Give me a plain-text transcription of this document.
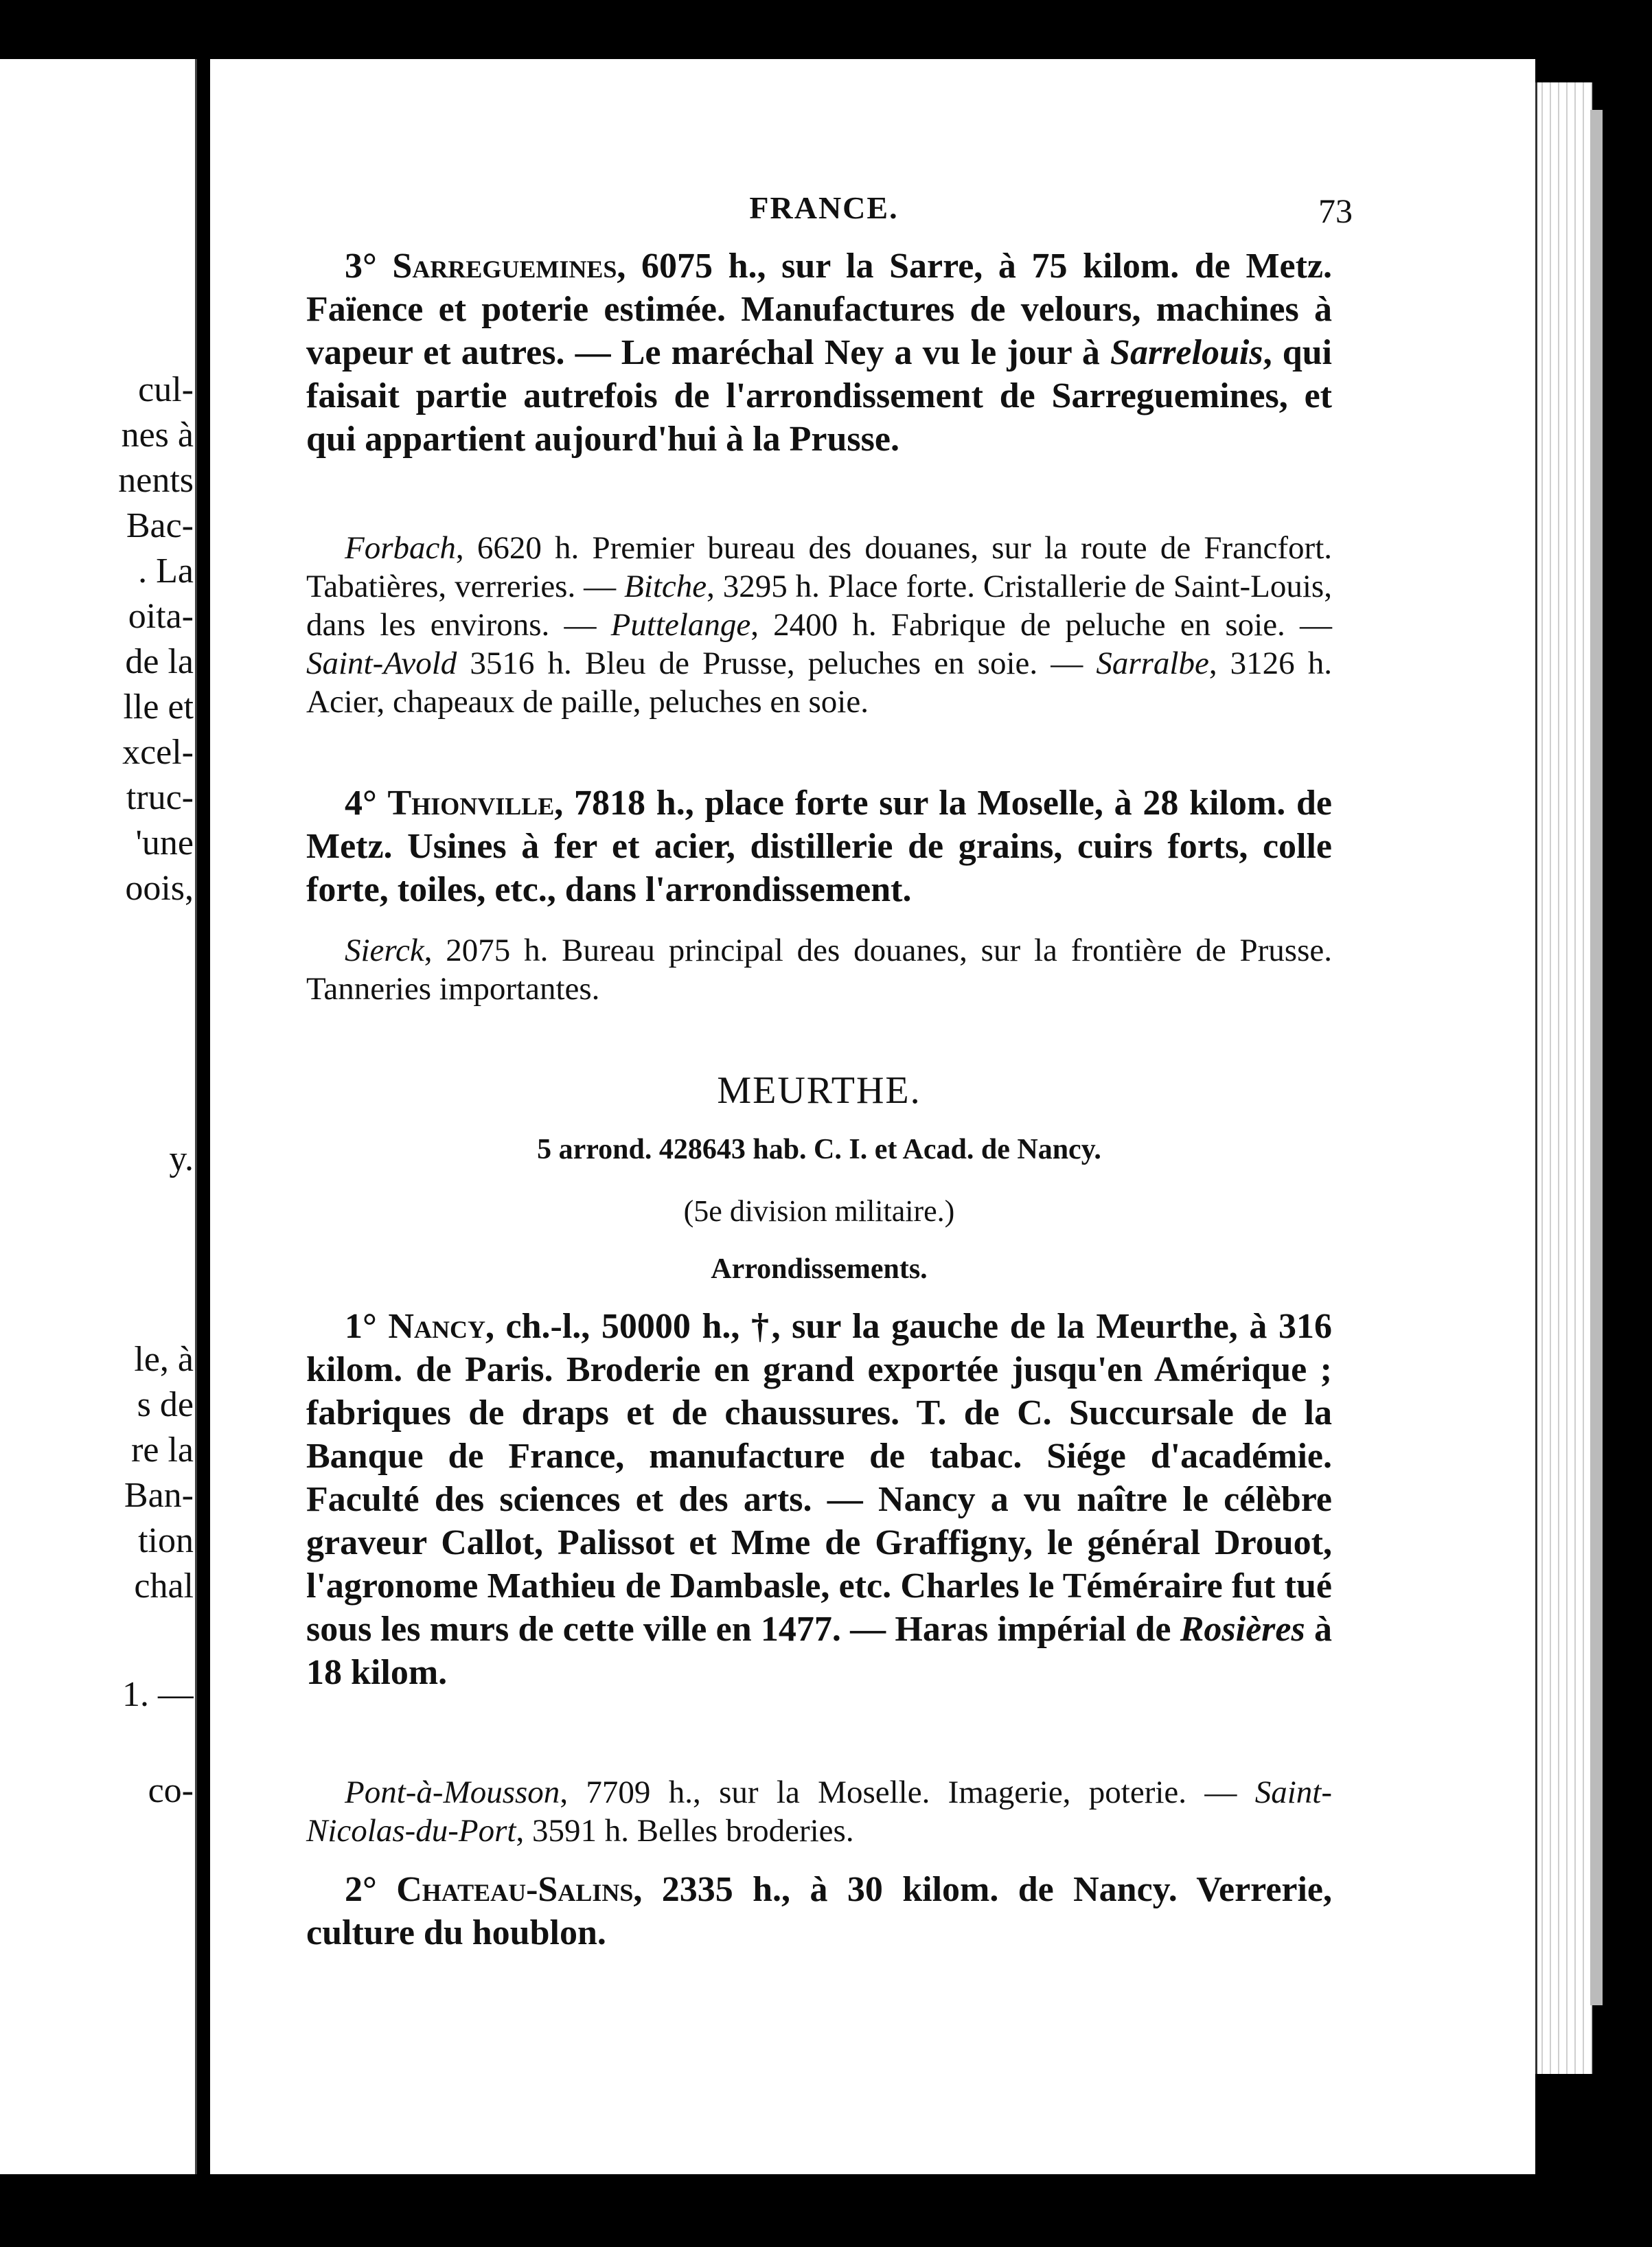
cul-
nes à
nents
Bac-
. La
oita-
de la
lle et
xcel-
truc-
'une
oois,
y.
le, à
s de
re la
Ban-
tion
chal
1. —
co-
FRANCE.	73
3° Sarreguemines, 6075 h., sur la Sarre, à 75 kilom. de Metz. Faïence et poterie estimée. Manufactures de velours, machines à vapeur et autres. — Le maréchal Ney a vu le jour à Sarrelouis, qui faisait partie autrefois de l'arrondissement de Sarreguemines, et qui appartient aujourd'hui à la Prusse.
Forbach, 6620 h. Premier bureau des douanes, sur la route de Francfort. Tabatières, verreries. — Bitche, 3295 h. Place forte. Cristallerie de Saint-Louis, dans les environs. — Puttelange, 2400 h. Fabrique de peluche en soie. — Saint-Avold 3516 h. Bleu de Prusse, peluches en soie. — Sarralbe, 3126 h. Acier, chapeaux de paille, peluches en soie.
4° Thionville, 7818 h., place forte sur la Moselle, à 28 kilom. de Metz. Usines à fer et acier, distillerie de grains, cuirs forts, colle forte, toiles, etc., dans l'arrondissement.
Sierck, 2075 h. Bureau principal des douanes, sur la frontière de Prusse. Tanneries importantes.
MEURTHE.
5 arrond. 428643 hab. C. I. et Acad. de Nancy.
(5e division militaire.)
Arrondissements.
1° Nancy, ch.-l., 50000 h., †, sur la gauche de la Meurthe, à 316 kilom. de Paris. Broderie en grand exportée jusqu'en Amérique ; fabriques de draps et de chaussures. T. de C. Succursale de la Banque de France, manufacture de tabac. Siége d'académie. Faculté des sciences et des arts. — Nancy a vu naître le célèbre graveur Callot, Palissot et Mme de Graffigny, le général Drouot, l'agronome Mathieu de Dambasle, etc. Charles le Téméraire fut tué sous les murs de cette ville en 1477. — Haras impérial de Rosières à 18 kilom.
Pont-à-Mousson, 7709 h., sur la Moselle. Imagerie, poterie. — Saint-Nicolas-du-Port, 3591 h. Belles broderies.
2° Chateau-Salins, 2335 h., à 30 kilom. de Nancy. Verrerie, culture du houblon.
